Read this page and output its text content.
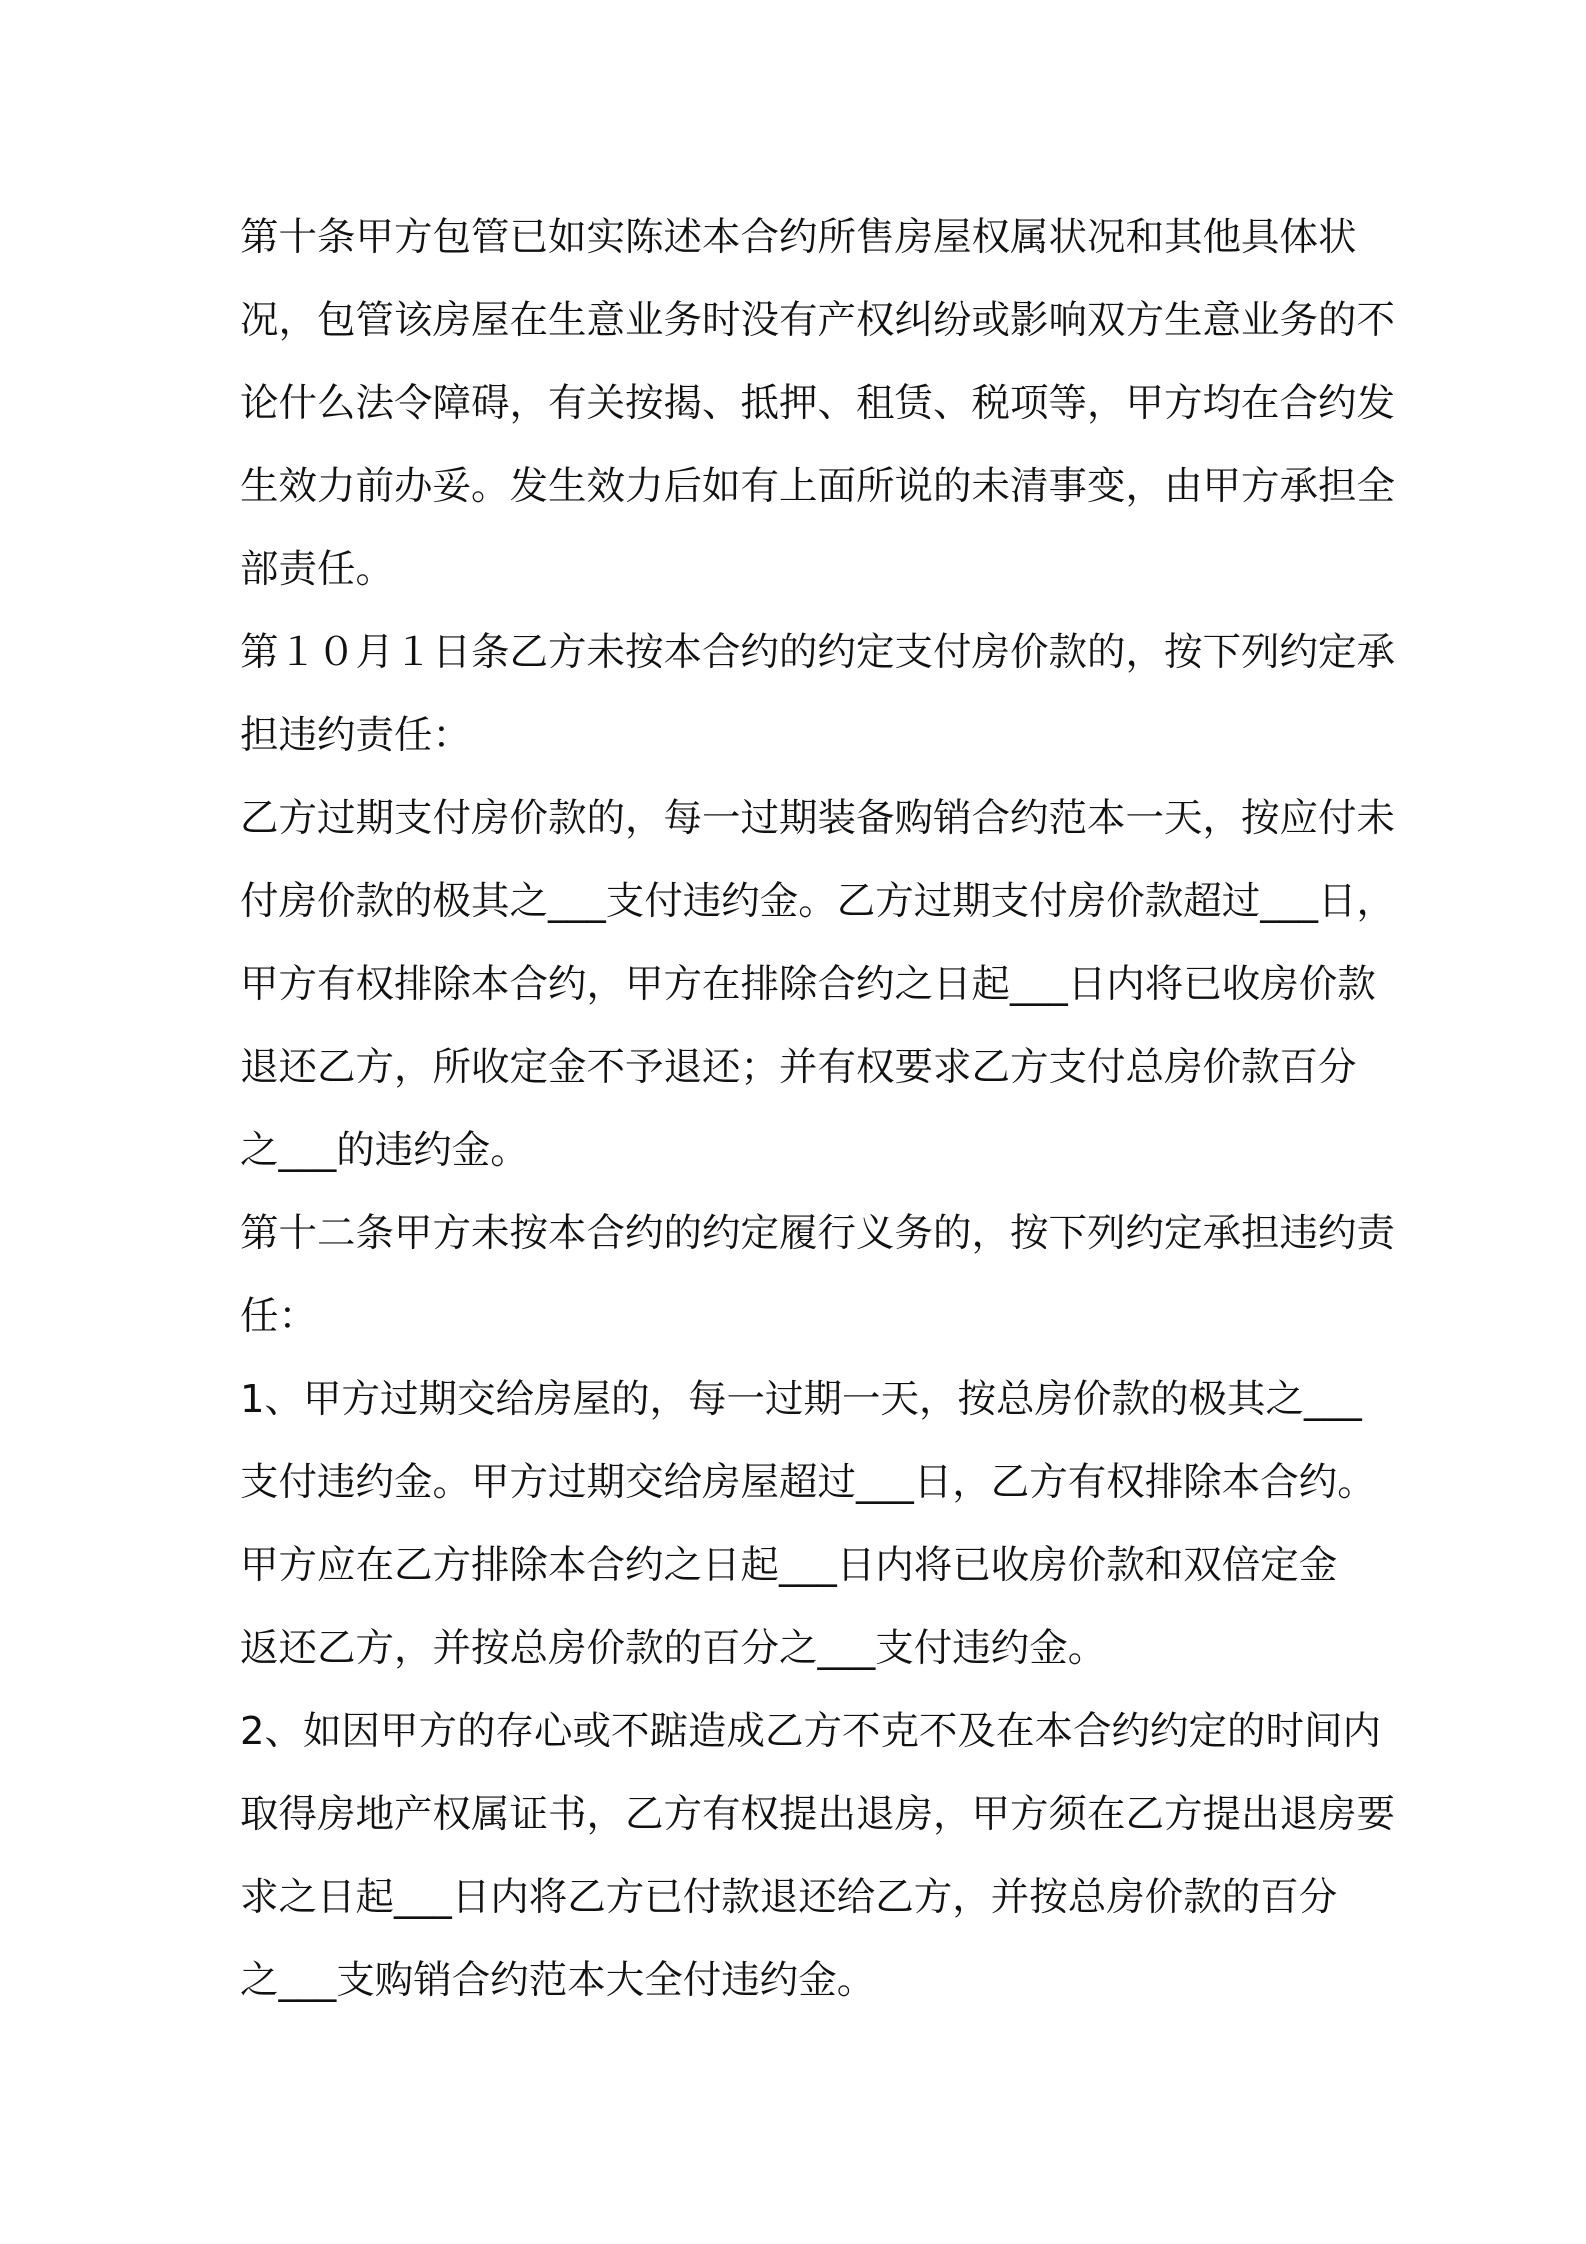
第十条甲方包管已如实陈述本合约所售房屋权属状况和其他具体状
况，包管该房屋在生意业务时没有产权纠纷或影响双方生意业务的不
论什么法令障碍，有关按揭、抵押、租赁、税项等，甲方均在合约发
生效力前办妥。发生效力后如有上面所说的未清事变，由甲方承担全
部责任。
第１０月１日条乙方未按本合约的约定支付房价款的，按下列约定承
担违约责任：
乙方过期支付房价款的，每一过期装备购销合约范本一天，按应付未
付房价款的极其之___支付违约金。乙方过期支付房价款超过___日，
甲方有权排除本合约，甲方在排除合约之日起___日内将已收房价款
退还乙方，所收定金不予退还；并有权要求乙方支付总房价款百分
之___的违约金。
第十二条甲方未按本合约的约定履行义务的，按下列约定承担违约责
任：
1、甲方过期交给房屋的，每一过期一天，按总房价款的极其之___
支付违约金。甲方过期交给房屋超过___日，乙方有权排除本合约。
甲方应在乙方排除本合约之日起___日内将已收房价款和双倍定金
返还乙方，并按总房价款的百分之___支付违约金。
2、如因甲方的存心或不踮造成乙方不克不及在本合约约定的时间内
取得房地产权属证书，乙方有权提出退房，甲方须在乙方提出退房要
求之日起___日内将乙方已付款退还给乙方，并按总房价款的百分
之___支购销合约范本大全付违约金。
